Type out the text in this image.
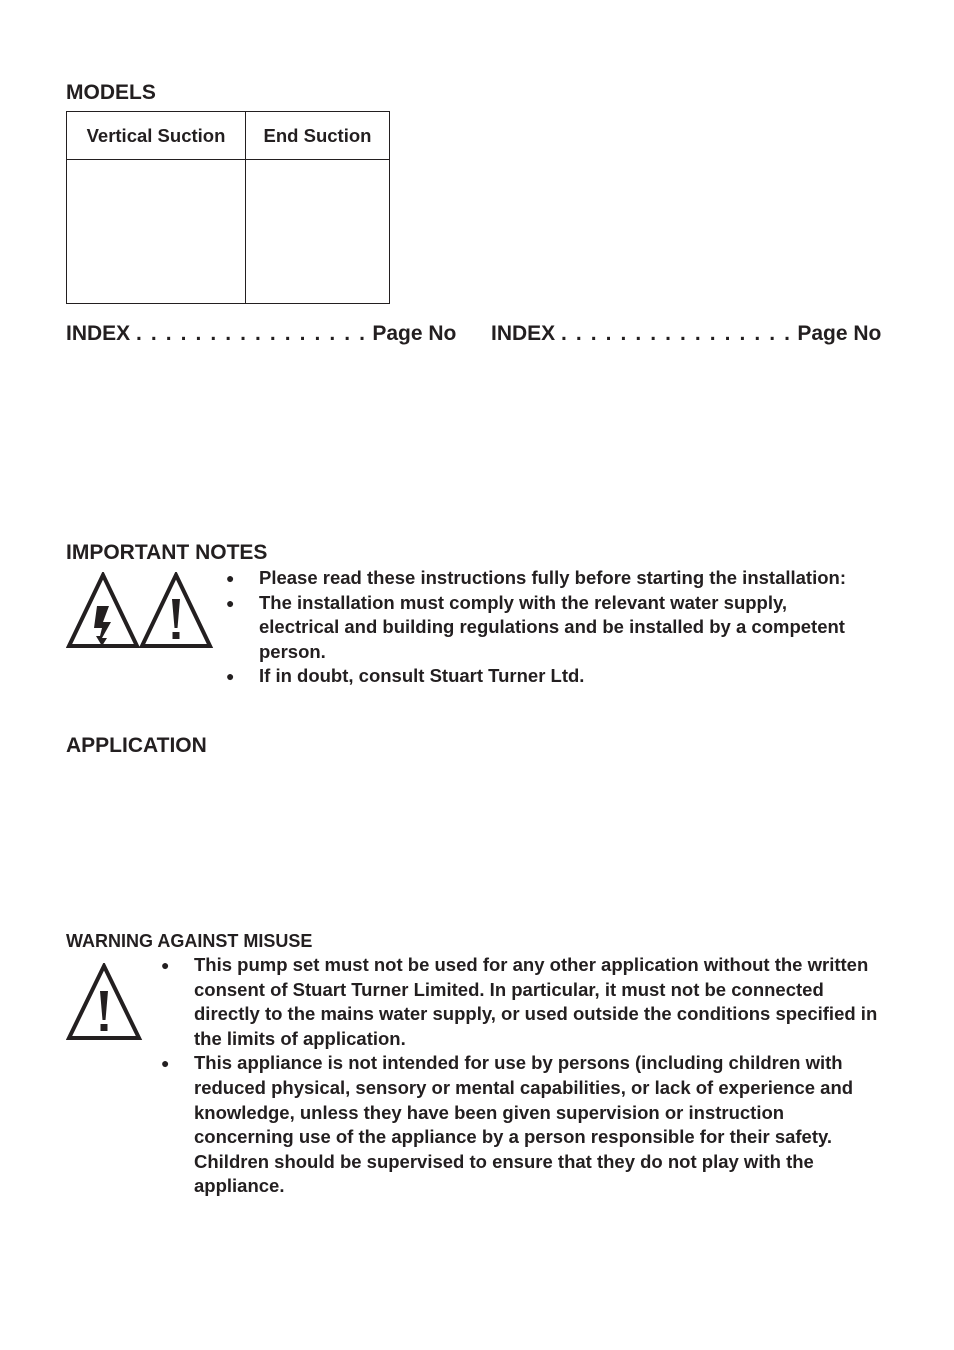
MODELS
Vertical Suction	End Suction

INDEX . . . . . . . . . . . . . . . . Page No INDEX . . . . . . . . . . . . . . . . Page No
IMPORTANT NOTES
● Please read these instructions fully before starting the installation:
● The installation must comply with the relevant water supply, electrical and building regulations and be installed by a competent person.
● If in doubt, consult Stuart Turner Ltd.
APPLICATION
WARNING AGAINST MISUSE
● This pump set must not be used for any other application without the written consent of Stuart Turner Limited. In particular, it must not be connected directly to the mains water supply, or used outside the conditions specified in the limits of application.
● This appliance is not intended for use by persons (including children with reduced physical, sensory or mental capabilities, or lack of experience and knowledge, unless they have been given supervision or instruction concerning use of the appliance by a person responsible for their safety.
Children should be supervised to ensure that they do not play with the appliance.
